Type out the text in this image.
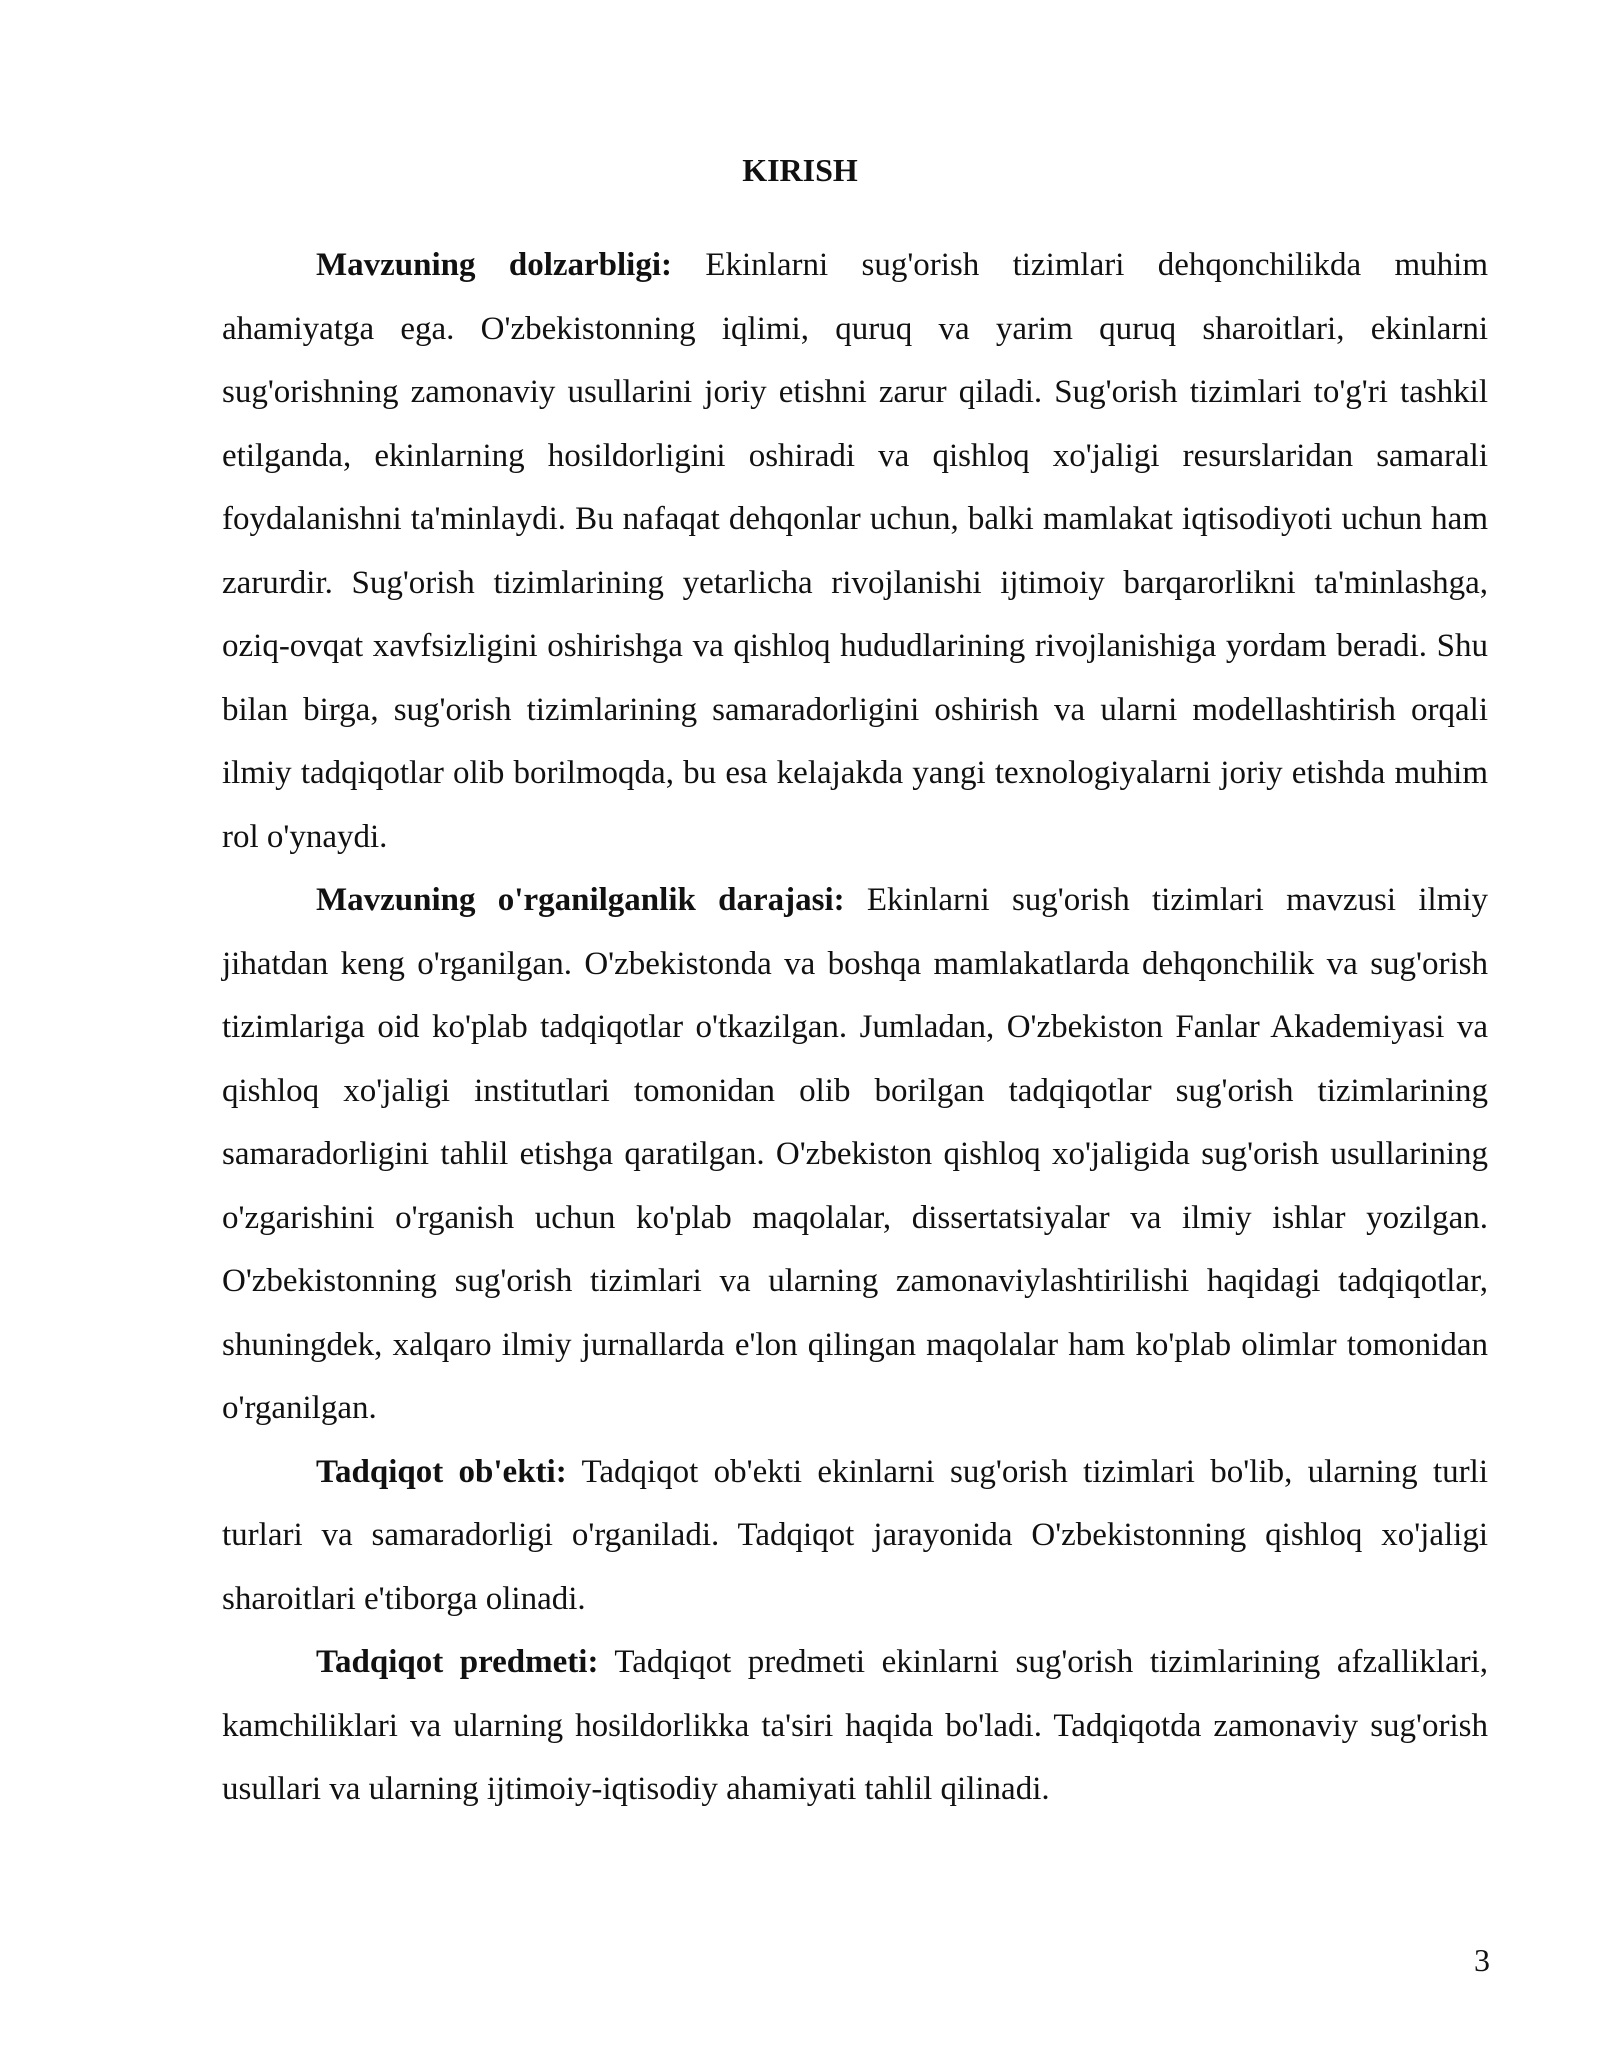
KIRISH

Mavzuning dolzarbligi: Ekinlarni sug'orish tizimlari dehqonchilikda muhim ahamiyatga ega. O'zbekistonning iqlimi, quruq va yarim quruq sharoitlari, ekinlarni sug'orishning zamonaviy usullarini joriy etishni zarur qiladi. Sug'orish tizimlari to'g'ri tashkil etilganda, ekinlarning hosildorligini oshiradi va qishloq xo'jaligi resurslaridan samarali foydalanishni ta'minlaydi. Bu nafaqat dehqonlar uchun, balki mamlakat iqtisodiyoti uchun ham zarurdir. Sug'orish tizimlarining yetarlicha rivojlanishi ijtimoiy barqarorlikni ta'minlashga, oziq-ovqat xavfsizligini oshirishga va qishloq hududlarining rivojlanishiga yordam beradi. Shu bilan birga, sug'orish tizimlarining samaradorligini oshirish va ularni modellashtirish orqali ilmiy tadqiqotlar olib borilmoqda, bu esa kelajakda yangi texnologiyalarni joriy etishda muhim rol o'ynaydi.

Mavzuning o'rganilganlik darajasi: Ekinlarni sug'orish tizimlari mavzusi ilmiy jihatdan keng o'rganilgan. O'zbekistonda va boshqa mamlakatlarda dehqonchilik va sug'orish tizimlariga oid ko'plab tadqiqotlar o'tkazilgan. Jumladan, O'zbekiston Fanlar Akademiyasi va qishloq xo'jaligi institutlari tomonidan olib borilgan tadqiqotlar sug'orish tizimlarining samaradorligini tahlil etishga qaratilgan. O'zbekiston qishloq xo'jaligida sug'orish usullarining o'zgarishini o'rganish uchun ko'plab maqolalar, dissertatsiyalar va ilmiy ishlar yozilgan. O'zbekistonning sug'orish tizimlari va ularning zamonaviylashtirilishi haqidagi tadqiqotlar, shuningdek, xalqaro ilmiy jurnallarda e'lon qilingan maqolalar ham ko'plab olimlar tomonidan o'rganilgan.

Tadqiqot ob'ekti: Tadqiqot ob'ekti ekinlarni sug'orish tizimlari bo'lib, ularning turli turlari va samaradorligi o'rganiladi. Tadqiqot jarayonida O'zbekistonning qishloq xo'jaligi sharoitlari e'tiborga olinadi.

Tadqiqot predmeti: Tadqiqot predmeti ekinlarni sug'orish tizimlarining afzalliklari, kamchiliklari va ularning hosildorlikka ta'siri haqida bo'ladi. Tadqiqotda zamonaviy sug'orish usullari va ularning ijtimoiy-iqtisodiy ahamiyati tahlil qilinadi.

3
